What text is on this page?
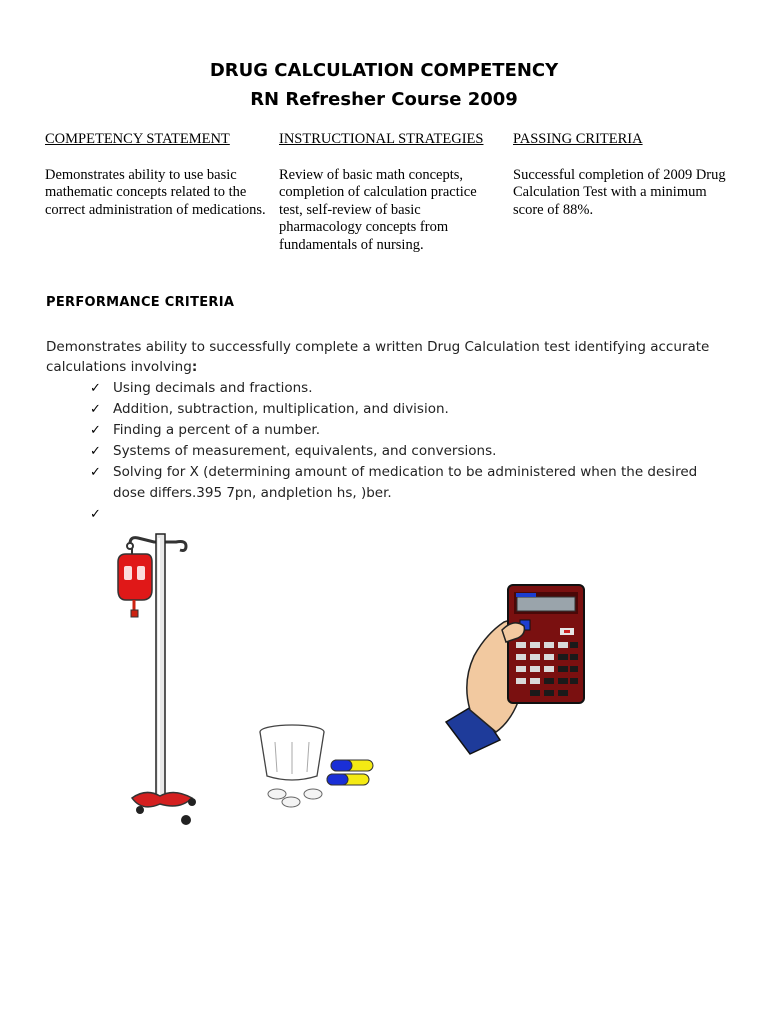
DRUG CALCULATION COMPETENCY
RN Refresher Course 2009
COMPETENCY STATEMENT
Demonstrates ability to use basic mathematic concepts related to the correct administration of medications.
INSTRUCTIONAL STRATEGIES
Review of basic math concepts, completion of calculation practice test, self-review of basic pharmacology concepts from fundamentals of nursing.
PASSING CRITERIA
Successful completion of 2009 Drug Calculation Test with a minimum score of 88%.
PERFORMANCE CRITERIA
Demonstrates ability to successfully complete a written Drug Calculation test identifying accurate calculations involving:
✓ Using decimals and fractions.
✓ Addition, subtraction, multiplication, and division.
✓ Finding a percent of a number.
✓ Systems of measurement, equivalents, and conversions.
✓ Solving for X (determining amount of medication to be administered when the desired dose differs.395 7pn, andpletion hs, )ber.
✓
